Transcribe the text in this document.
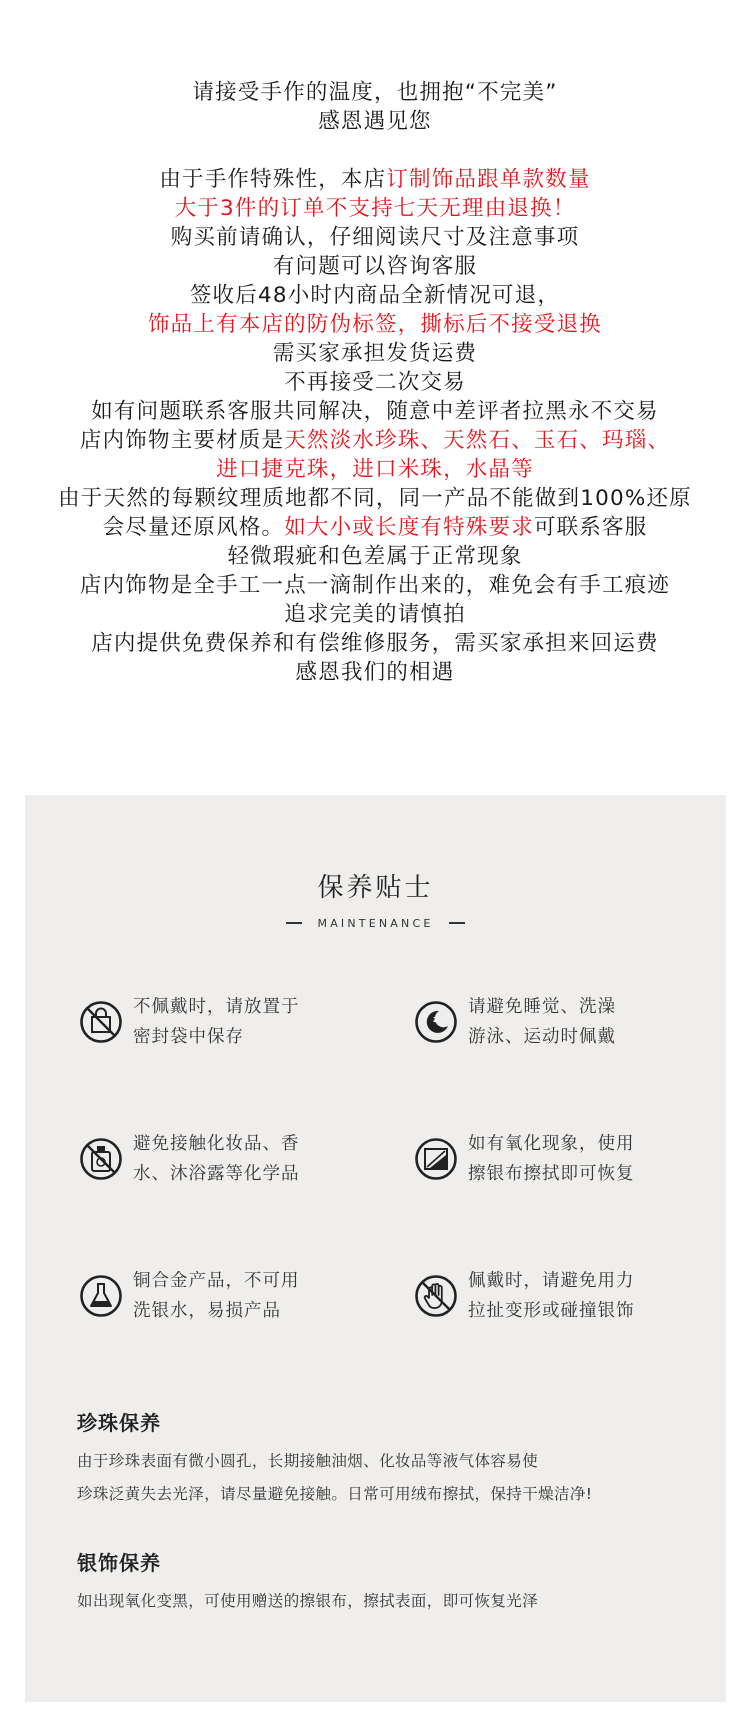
请接受手作的温度，也拥抱“不完美”

感恩遇见您

由于手作特殊性，本店订制饰品跟单款数量

大于3件的订单不支持七天无理由退换！

购买前请确认，仔细阅读尺寸及注意事项

有问题可以咨询客服

签收后48小时内商品全新情况可退，

饰品上有本店的防伪标签，撕标后不接受退换

需买家承担发货运费

不再接受二次交易

如有问题联系客服共同解决，随意中差评者拉黑永不交易

店内饰物主要材质是天然淡水珍珠、天然石、玉石、玛瑙、

进口捷克珠，进口米珠，水晶等

由于天然的每颗纹理质地都不同，同一产品不能做到100%还原

会尽量还原风格。如大小或长度有特殊要求可联系客服

轻微瑕疵和色差属于正常现象

店内饰物是全手工一点一滴制作出来的，难免会有手工痕迹

追求完美的请慎拍

店内提供免费保养和有偿维修服务，需买家承担来回运费

感恩我们的相遇

保养贴士
MAINTENANCE
不佩戴时，请放置于
密封袋中保存
z
请避免睡觉、洗澡
游泳、运动时佩戴
避免接触化妆品、香
水、沐浴露等化学品
如有氧化现象，使用
擦银布擦拭即可恢复
铜合金产品，不可用
洗银水，易损产品
佩戴时，请避免用力
拉扯变形或碰撞银饰
珍珠保养
由于珍珠表面有微小圆孔，长期接触油烟、化妆品等液气体容易使
珍珠泛黄失去光泽，请尽量避免接触。日常可用绒布擦拭，保持干燥洁净!
银饰保养
如出现氧化变黑，可使用赠送的擦银布，擦拭表面，即可恢复光泽
